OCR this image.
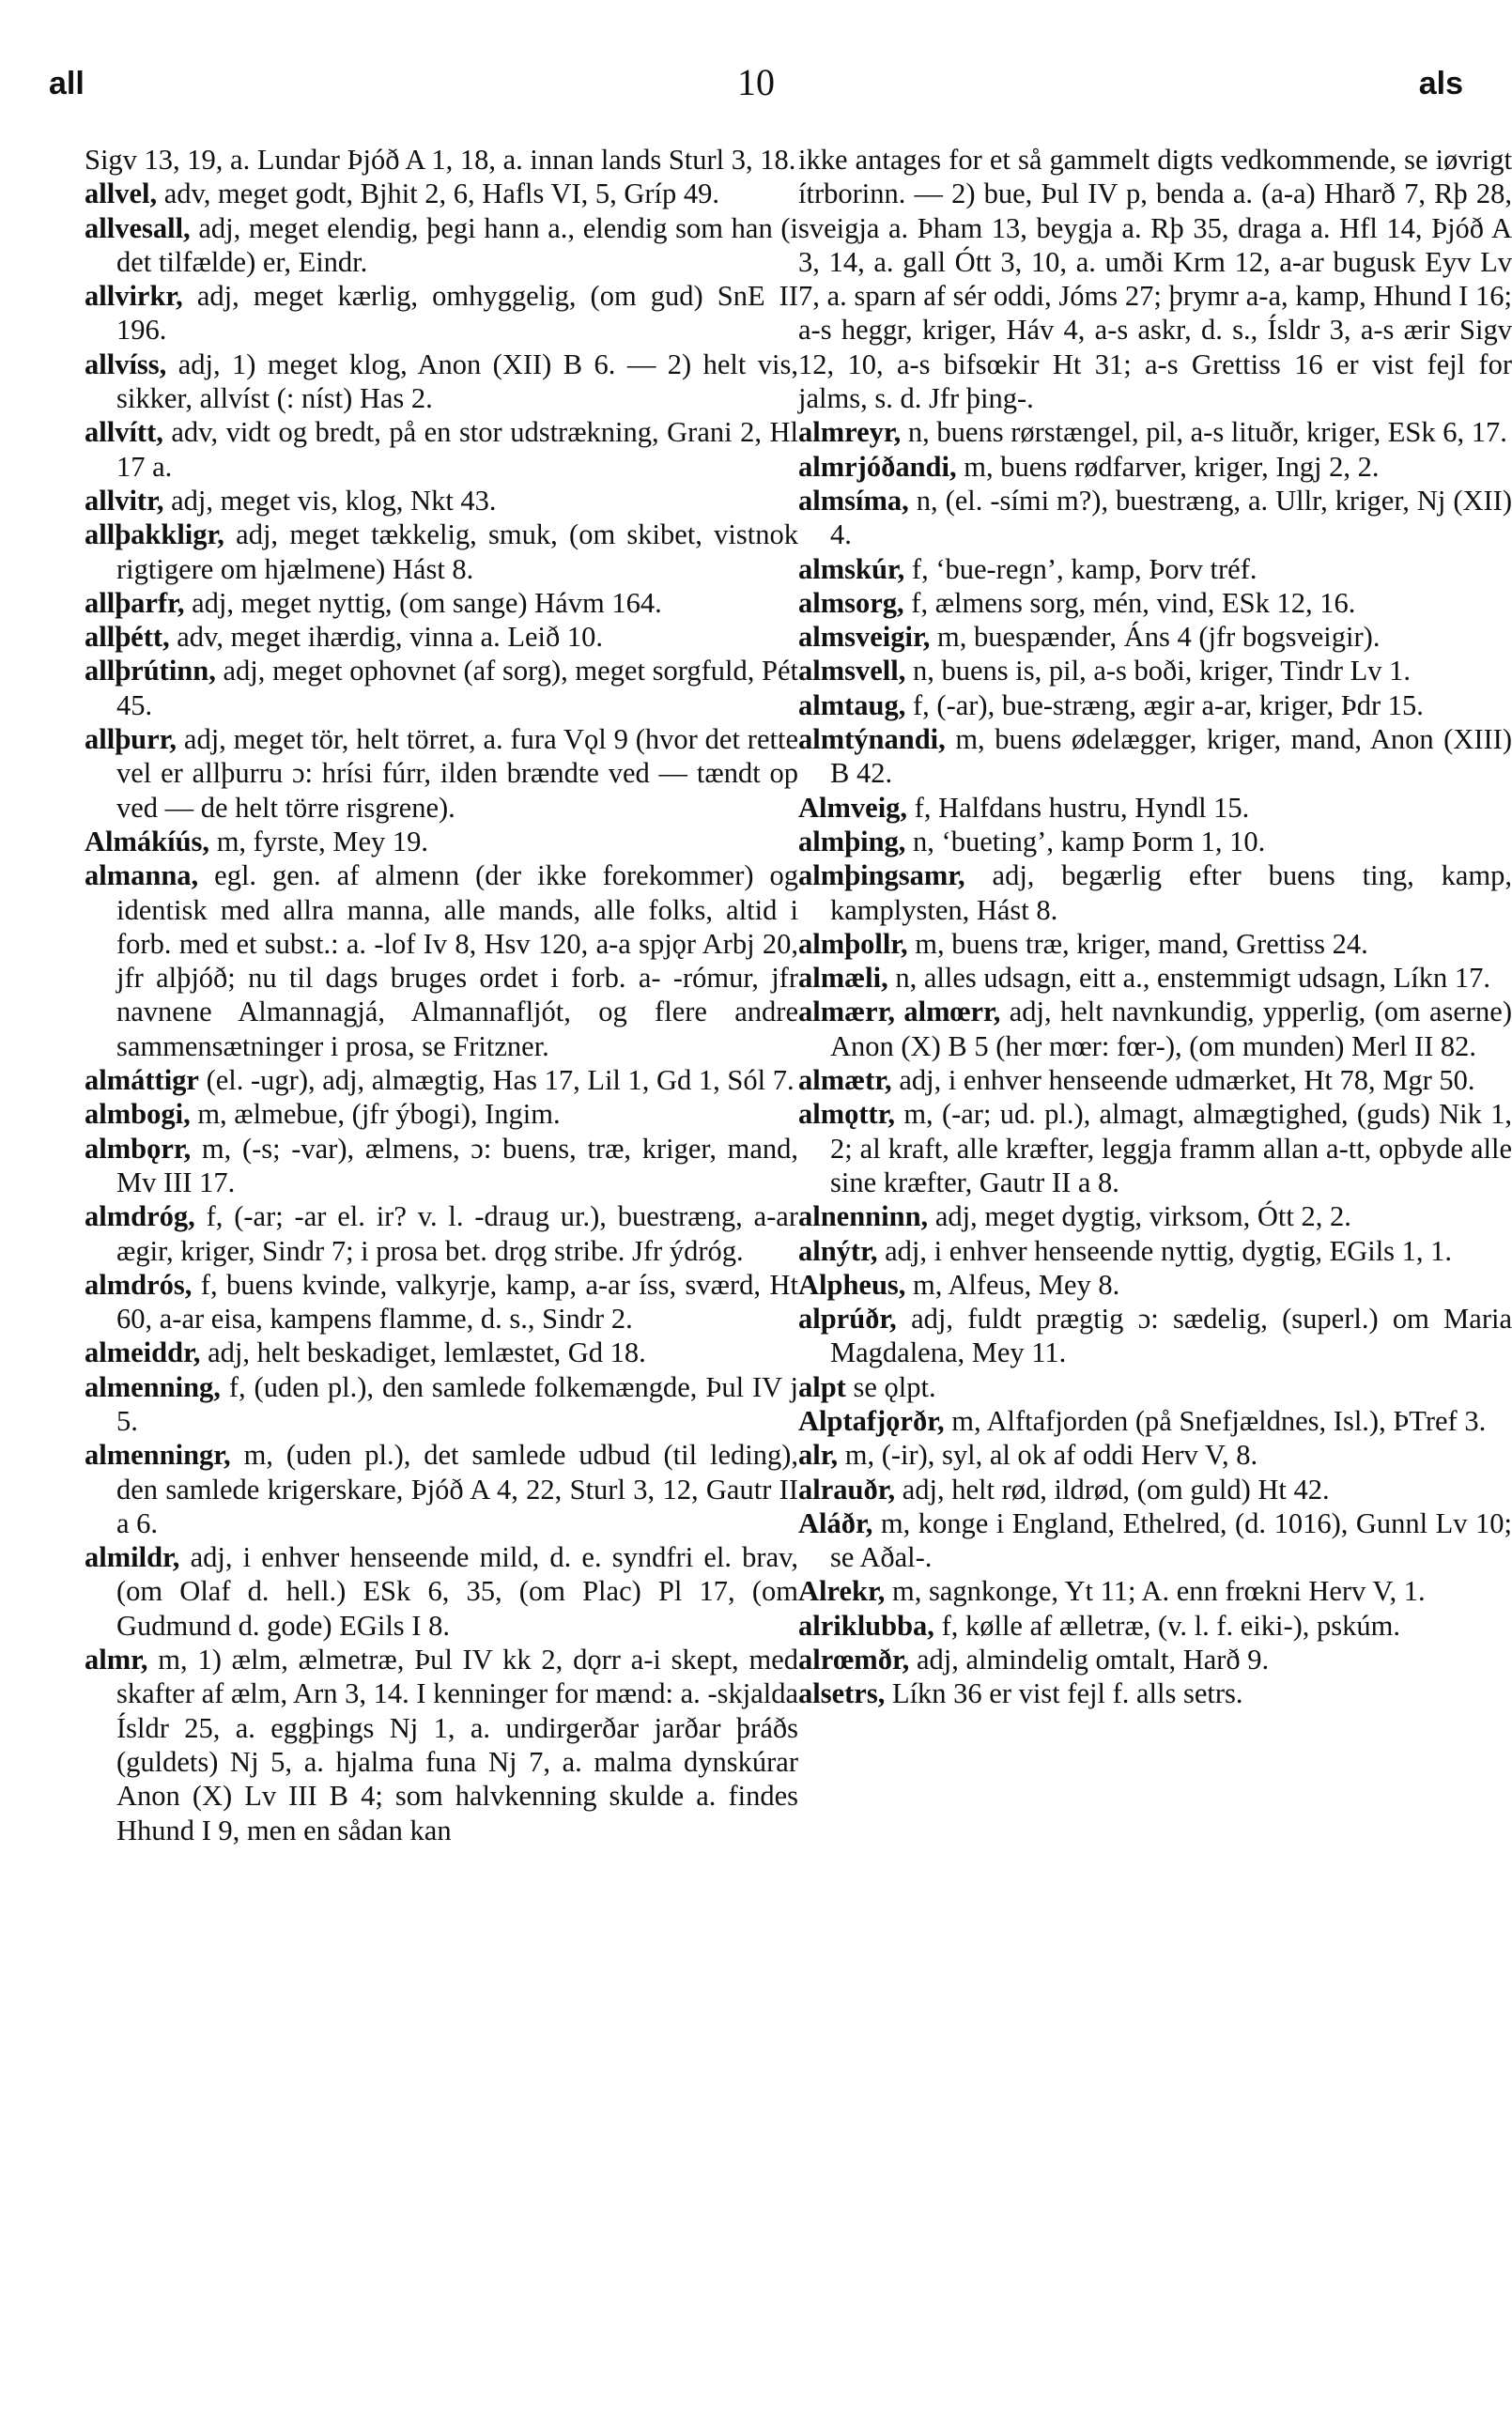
all	10	als

Sigv 13, 19, a. Lundar Þjóð A 1, 18, a. innan lands Sturl 3, 18.

allvel, adv, meget godt, Bjhit 2, 6, Hafls VI, 5, Gríp 49.

allvesall, adj, meget elendig, þegi hann a., elendig som han (i det tilfælde) er, Eindr.

allvirkr, adj, meget kærlig, omhyggelig, (om gud) SnE II 196.

allvíss, adj, 1) meget klog, Anon (XII) B 6. — 2) helt vis, sikker, allvíst (: níst) Has 2.

allvítt, adv, vidt og bredt, på en stor udstrækning, Grani 2, Hl 17 a.

allvitr, adj, meget vis, klog, Nkt 43.

allþakkligr, adj, meget tækkelig, smuk, (om skibet, vistnok rigtigere om hjælmene) Hást 8.

allþarfr, adj, meget nyttig, (om sange) Hávm 164.

allþétt, adv, meget ihærdig, vinna a. Leið 10.

allþrútinn, adj, meget ophovnet (af sorg), meget sorgfuld, Pét 45.

allþurr, adj, meget tör, helt törret, a. fura Vǫl 9 (hvor det rette vel er allþurru ɔ: hrísi fúrr, ilden brændte ved — tændt op ved — de helt törre risgrene).

Almákíús, m, fyrste, Mey 19.

almanna, egl. gen. af almenn (der ikke forekommer) og identisk med allra manna, alle mands, alle folks, altid i forb. med et subst.: a. -lof Iv 8, Hsv 120, a-a spjǫr Arbj 20, jfr alþjóð; nu til dags bruges ordet i forb. a- -rómur, jfr navnene Almannagjá, Almannafljót, og flere andre sammensætninger i prosa, se Fritzner.

almáttigr (el. -ugr), adj, almægtig, Has 17, Lil 1, Gd 1, Sól 7.

almbogi, m, ælmebue, (jfr ýbogi), Ingim.

almbǫrr, m, (-s; -var), ælmens, ɔ: buens, træ, kriger, mand, Mv III 17.

almdróg, f, (-ar; -ar el. ir? v. l. -draug ur.), buestræng, a-ar ægir, kriger, Sindr 7; i prosa bet. drǫg stribe. Jfr ýdróg.

almdrós, f, buens kvinde, valkyrje, kamp, a-ar íss, sværd, Ht 60, a-ar eisa, kampens flamme, d. s., Sindr 2.

almeiddr, adj, helt beskadiget, lemlæstet, Gd 18.

almenning, f, (uden pl.), den samlede folkemængde, Þul IV j 5.

almenningr, m, (uden pl.), det samlede udbud (til leding), den samlede krigerskare, Þjóð A 4, 22, Sturl 3, 12, Gautr II a 6.

almildr, adj, i enhver henseende mild, d. e. syndfri el. brav, (om Olaf d. hell.) ESk 6, 35, (om Plac) Pl 17, (om Gudmund d. gode) EGils I 8.

almr, m, 1) ælm, ælmetræ, Þul IV kk 2, dǫrr a-i skept, med skafter af ælm, Arn 3, 14. I kenninger for mænd: a. -skjalda Ísldr 25, a. eggþings Nj 1, a. undirgerðar jarðar þráðs (guldets) Nj 5, a. hjalma funa Nj 7, a. malma dynskúrar Anon (X) Lv III B 4; som halvkenning skulde a. findes Hhund I 9, men en sådan kan

ikke antages for et så gammelt digts vedkommende, se iøvrigt ítrborinn. — 2) bue, Þul IV p, benda a. (a-a) Hharð 7, Rþ 28, sveigja a. Þham 13, beygja a. Rþ 35, draga a. Hfl 14, Þjóð A 3, 14, a. gall Ótt 3, 10, a. umði Krm 12, a-ar bugusk Eyv Lv 7, a. sparn af sér oddi, Jóms 27; þrymr a-a, kamp, Hhund I 16; a-s heggr, kriger, Háv 4, a-s askr, d. s., Ísldr 3, a-s ærir Sigv 12, 10, a-s bifsœkir Ht 31; a-s Grettiss 16 er vist fejl for jalms, s. d. Jfr þing-.

almreyr, n, buens rørstængel, pil, a-s lituðr, kriger, ESk 6, 17.

almrjóðandi, m, buens rødfarver, kriger, Ingj 2, 2.

almsíma, n, (el. -sími m?), buestræng, a. Ullr, kriger, Nj (XII) 4.

almskúr, f, ‘bue-regn’, kamp, Þorv tréf.

almsorg, f, ælmens sorg, mén, vind, ESk 12, 16.

almsveigir, m, buespænder, Áns 4 (jfr bogsveigir).

almsvell, n, buens is, pil, a-s boði, kriger, Tindr Lv 1.

almtaug, f, (-ar), bue-stræng, ægir a-ar, kriger, Þdr 15.

almtýnandi, m, buens ødelægger, kriger, mand, Anon (XIII) B 42.

Almveig, f, Halfdans hustru, Hyndl 15.

almþing, n, ‘bueting’, kamp Þorm 1, 10.

almþingsamr, adj, begærlig efter buens ting, kamp, kamplysten, Hást 8.

almþollr, m, buens træ, kriger, mand, Grettiss 24.

almæli, n, alles udsagn, eitt a., enstemmigt udsagn, Líkn 17.

almærr, almœrr, adj, helt navnkundig, ypperlig, (om aserne) Anon (X) B 5 (her mœr: fœr-), (om munden) Merl II 82.

almætr, adj, i enhver henseende udmærket, Ht 78, Mgr 50.

almǫttr, m, (-ar; ud. pl.), almagt, almægtighed, (guds) Nik 1, 2; al kraft, alle kræfter, leggja framm allan a-tt, opbyde alle sine kræfter, Gautr II a 8.

alnenninn, adj, meget dygtig, virksom, Ótt 2, 2.

alnýtr, adj, i enhver henseende nyttig, dygtig, EGils 1, 1.

Alpheus, m, Alfeus, Mey 8.

alprúðr, adj, fuldt prægtig ɔ: sædelig, (superl.) om Maria Magdalena, Mey 11.

alpt se ǫlpt.

Alptafjǫrðr, m, Alftafjorden (på Snefjældnes, Isl.), ÞTref 3.

alr, m, (-ir), syl, al ok af oddi Herv V, 8.

alrauðr, adj, helt rød, ildrød, (om guld) Ht 42.

Aláðr, m, konge i England, Ethelred, (d. 1016), Gunnl Lv 10; se Aðal-.

Alrekr, m, sagnkonge, Yt 11; A. enn frœkni Herv V, 1.

alriklubba, f, kølle af ælletræ, (v. l. f. eiki-), pskúm.

alrœmðr, adj, almindelig omtalt, Harð 9.

alsetrs, Líkn 36 er vist fejl f. alls setrs.
